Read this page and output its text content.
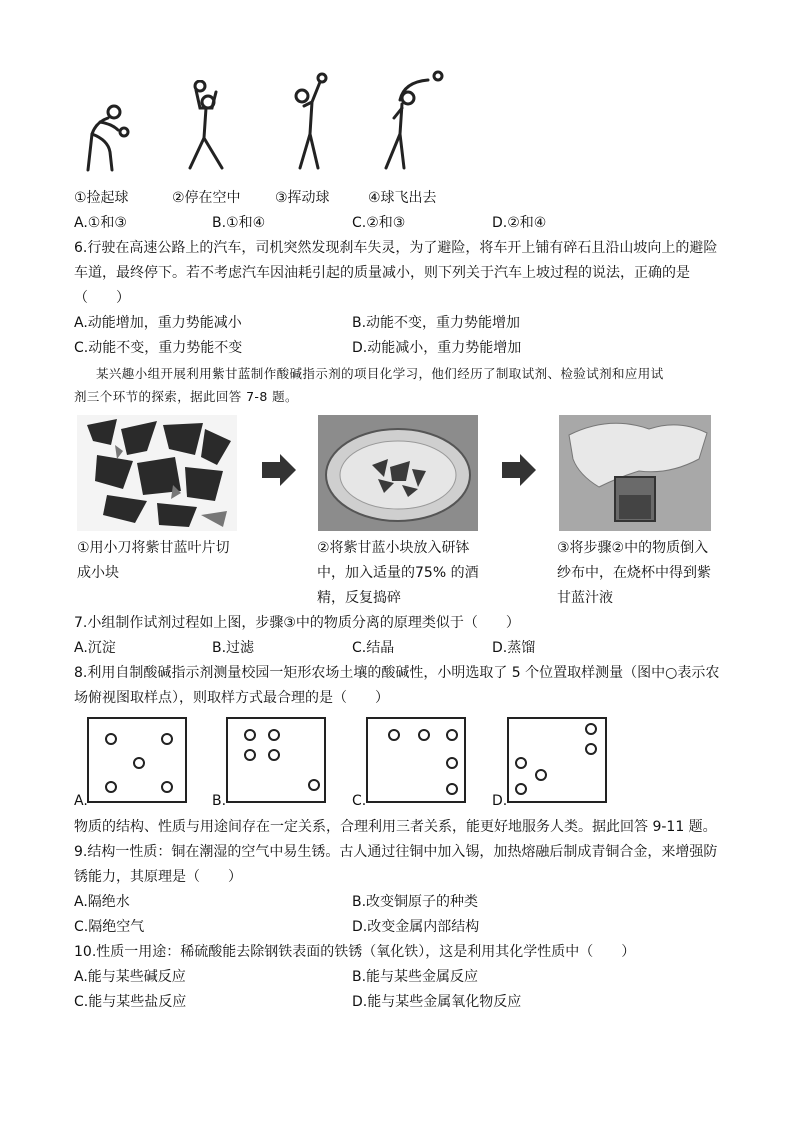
①捡起球	②停在空中 ③挥动球	④球飞出去
A.①和③	B.①和④	C.②和③	D.②和④
6.行驶在高速公路上的汽车，司机突然发现刹车失灵，为了避险，将车开上铺有碎石且沿山坡向上的避险
车道，最终停下。若不考虑汽车因油耗引起的质量减小，则下列关于汽车上坡过程的说法，正确的是
（　　）
A.动能增加，重力势能减小	B.动能不变，重力势能增加
C.动能不变，重力势能不变	D.动能减小，重力势能增加
某兴趣小组开展利用紫甘蓝制作酸碱指示剂的项目化学习，他们经历了制取试剂、检验试剂和应用试
剂三个环节的探索，据此回答 7-8 题。
①用小刀将紫甘蓝叶片切
成小块
②将紫甘蓝小块放入研钵
中，加入适量的75% 的酒
精，反复捣碎
③将步骤②中的物质倒入
纱布中，在烧杯中得到紫
甘蓝汁液
7.小组制作试剂过程如上图，步骤③中的物质分离的原理类似于（　　）
A.沉淀	B.过滤	C.结晶	D.蒸馏
8.利用自制酸碱指示剂测量校园一矩形农场土壤的酸碱性，小明选取了 5 个位置取样测量（图中○表示农
场俯视图取样点），则取样方式最合理的是（　　）
A.	B.	C.	D.
物质的结构、性质与用途间存在一定关系，合理利用三者关系，能更好地服务人类。据此回答 9-11 题。
9.结构一性质：铜在潮湿的空气中易生锈。古人通过往铜中加入锡，加热熔融后制成青铜合金，来增强防
锈能力，其原理是（　　）
A.隔绝水	B.改变铜原子的种类
C.隔绝空气	D.改变金属内部结构
10.性质一用途：稀硫酸能去除钢铁表面的铁锈（氧化铁），这是利用其化学性质中（　　）
A.能与某些碱反应	B.能与某些金属反应
C.能与某些盐反应	D.能与某些金属氧化物反应
